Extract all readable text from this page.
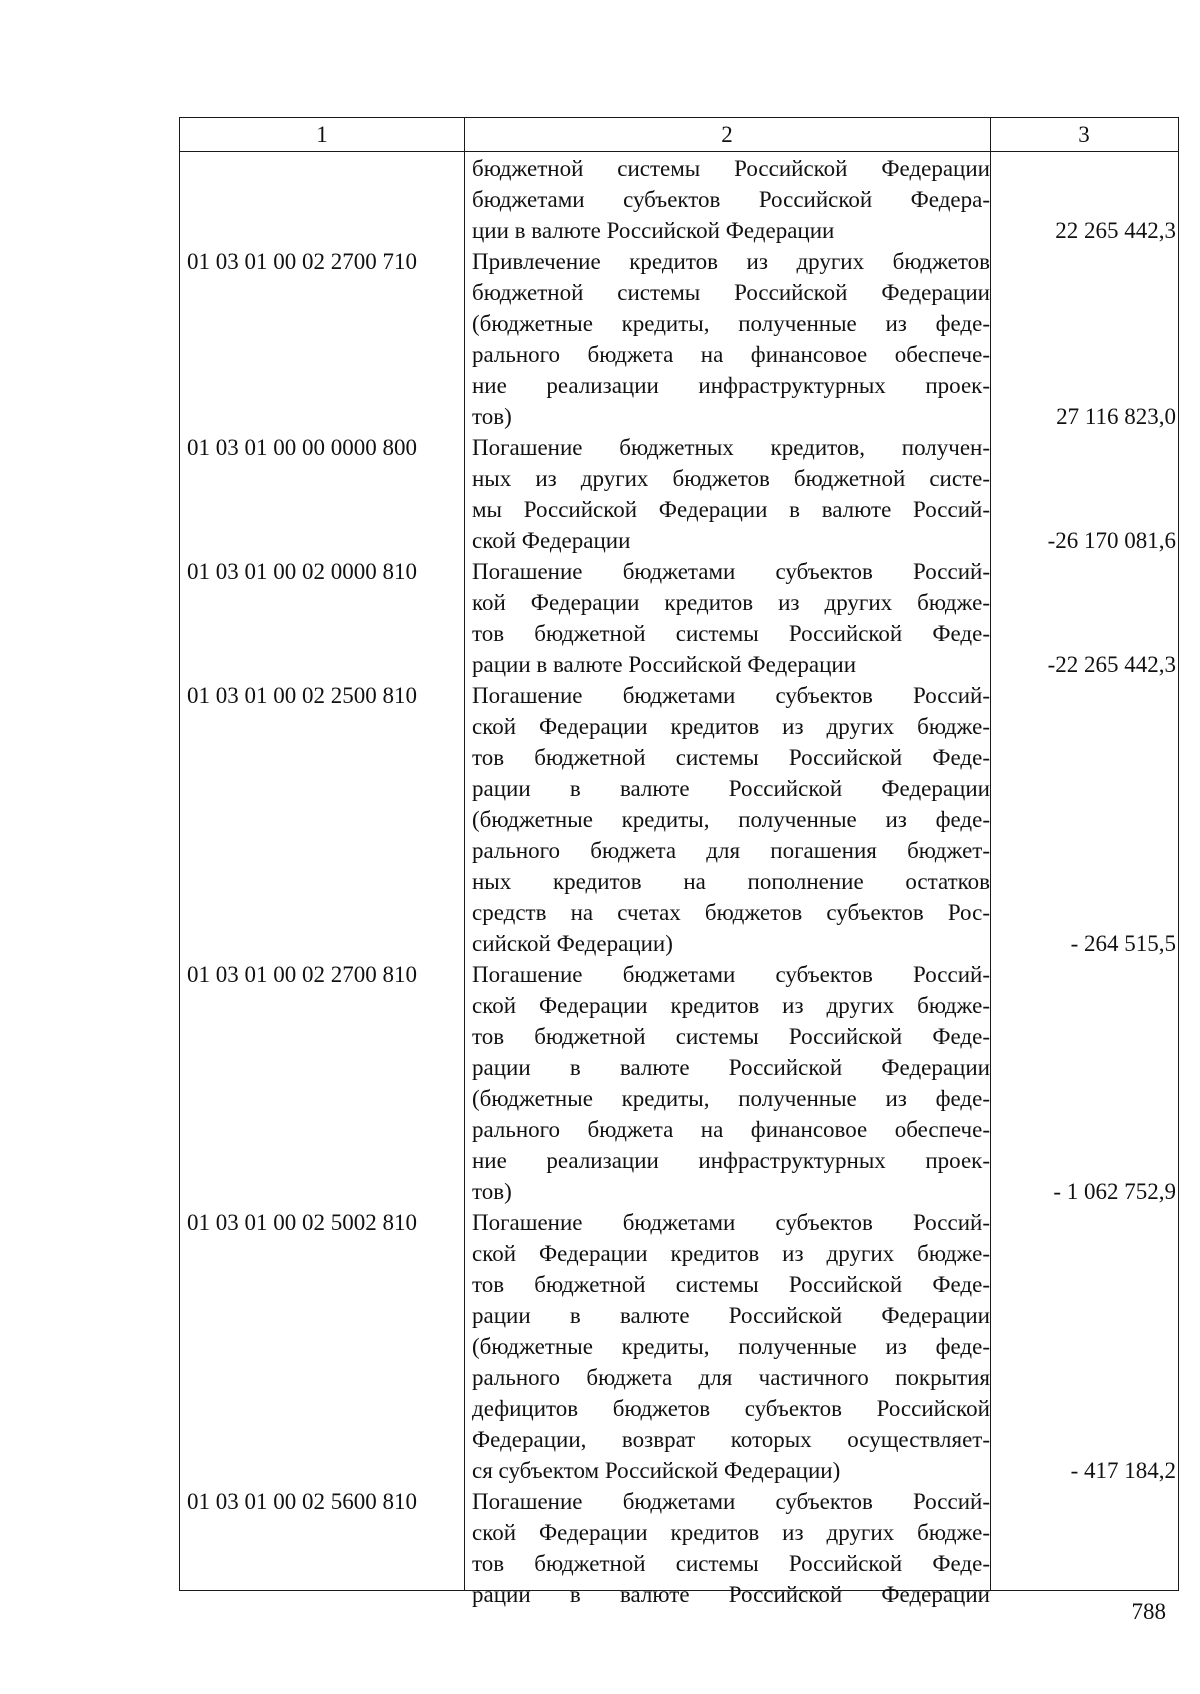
1	2	3
бюджетной системы Российской Федерации
бюджетами субъектов Российской Федера-
ции в валюте Российской Федерации	22 265 442,3
01 03 01 00 02 2700 710	Привлечение кредитов из других бюджетов
бюджетной системы Российской Федерации
(бюджетные кредиты, полученные из феде-
рального бюджета на финансовое обеспече-
ние реализации инфраструктурных проек-
тов)	27 116 823,0
01 03 01 00 00 0000 800	Погашение бюджетных кредитов, получен-
ных из других бюджетов бюджетной систе-
мы Российской Федерации в валюте Россий-
ской Федерации	-26 170 081,6
01 03 01 00 02 0000 810	Погашение бюджетами субъектов Россий-
кой Федерации кредитов из других бюдже-
тов бюджетной системы Российской Феде-
рации в валюте Российской Федерации	-22 265 442,3
01 03 01 00 02 2500 810	Погашение бюджетами субъектов Россий-
ской Федерации кредитов из других бюдже-
тов бюджетной системы Российской Феде-
рации в валюте Российской Федерации
(бюджетные кредиты, полученные из феде-
рального бюджета для погашения бюджет-
ных кредитов на пополнение остатков
средств на счетах бюджетов субъектов Рос-
сийской Федерации)	- 264 515,5
01 03 01 00 02 2700 810	Погашение бюджетами субъектов Россий-
ской Федерации кредитов из других бюдже-
тов бюджетной системы Российской Феде-
рации в валюте Российской Федерации
(бюджетные кредиты, полученные из феде-
рального бюджета на финансовое обеспече-
ние реализации инфраструктурных проек-
тов)	- 1 062 752,9
01 03 01 00 02 5002 810	Погашение бюджетами субъектов Россий-
ской Федерации кредитов из других бюдже-
тов бюджетной системы Российской Феде-
рации в валюте Российской Федерации
(бюджетные кредиты, полученные из феде-
рального бюджета для частичного покрытия
дефицитов бюджетов субъектов Российской
Федерации, возврат которых осуществляет-
ся субъектом Российской Федерации)	- 417 184,2
01 03 01 00 02 5600 810	Погашение бюджетами субъектов Россий-
ской Федерации кредитов из других бюдже-
тов бюджетной системы Российской Феде-
рации в валюте Российской Федерации
788
